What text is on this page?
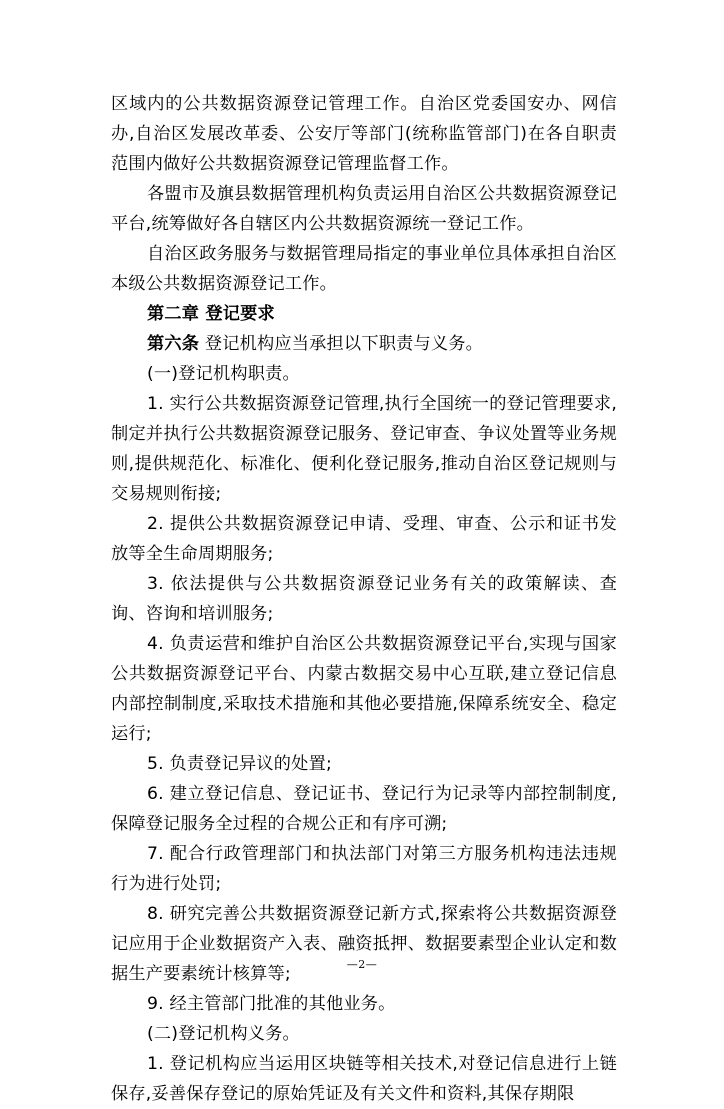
区域内的公共数据资源登记管理工作。自治区党委国安办、网信办,自治区发展改革委、公安厅等部门(统称监管部门)在各自职责范围内做好公共数据资源登记管理监督工作。

各盟市及旗县数据管理机构负责运用自治区公共数据资源登记平台,统筹做好各自辖区内公共数据资源统一登记工作。

自治区政务服务与数据管理局指定的事业单位具体承担自治区本级公共数据资源登记工作。

第二章 登记要求

第六条 登记机构应当承担以下职责与义务。

(一)登记机构职责。

1. 实行公共数据资源登记管理,执行全国统一的登记管理要求,制定并执行公共数据资源登记服务、登记审查、争议处置等业务规则,提供规范化、标准化、便利化登记服务,推动自治区登记规则与交易规则衔接;

2. 提供公共数据资源登记申请、受理、审查、公示和证书发放等全生命周期服务;

3. 依法提供与公共数据资源登记业务有关的政策解读、查询、咨询和培训服务;

4. 负责运营和维护自治区公共数据资源登记平台,实现与国家公共数据资源登记平台、内蒙古数据交易中心互联,建立登记信息内部控制制度,采取技术措施和其他必要措施,保障系统安全、稳定运行;

5. 负责登记异议的处置;

6. 建立登记信息、登记证书、登记行为记录等内部控制制度,保障登记服务全过程的合规公正和有序可溯;

7. 配合行政管理部门和执法部门对第三方服务机构违法违规行为进行处罚;

8. 研究完善公共数据资源登记新方式,探索将公共数据资源登记应用于企业数据资产入表、融资抵押、数据要素型企业认定和数据生产要素统计核算等;

9. 经主管部门批准的其他业务。

(二)登记机构义务。

1. 登记机构应当运用区块链等相关技术,对登记信息进行上链保存,妥善保存登记的原始凭证及有关文件和资料,其保存期限

—2—
